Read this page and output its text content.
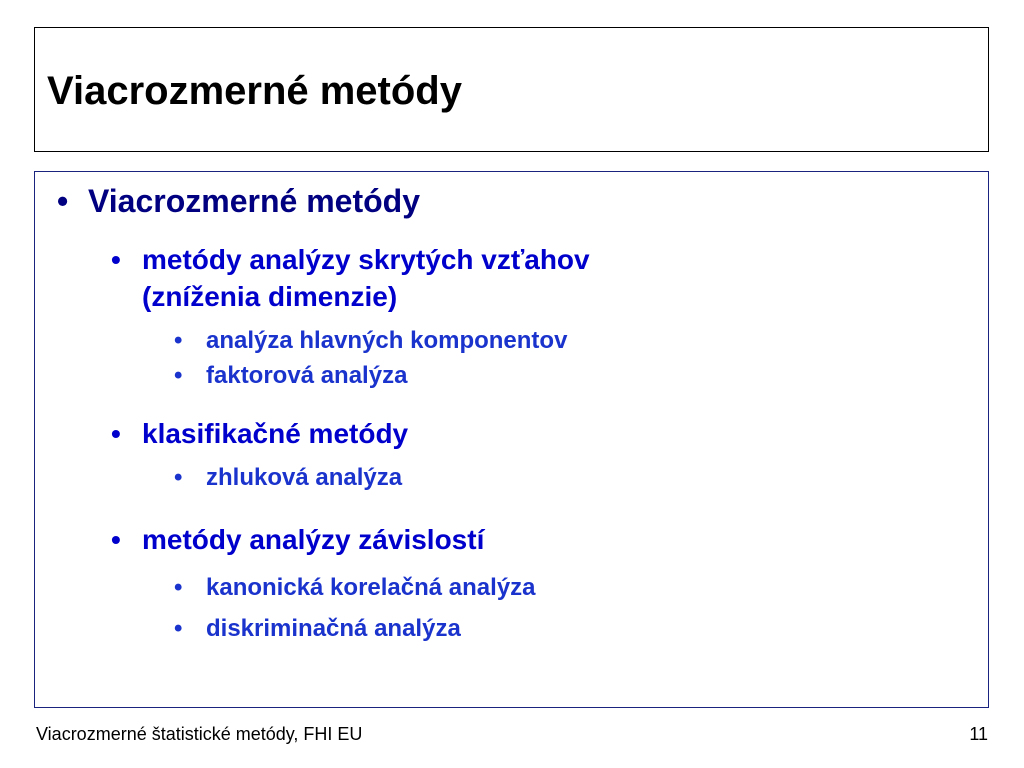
Viacrozmerné metódy
• Viacrozmerné metódy
• metódy analýzy skrytých vzťahov
(zníženia dimenzie)
• analýza hlavných komponentov
• faktorová analýza
• klasifikačné metódy
• zhluková analýza
• metódy analýzy závislostí
• kanonická korelačná analýza
• diskriminačná analýza
Viacrozmerné štatistické metódy, FHI EU	11
